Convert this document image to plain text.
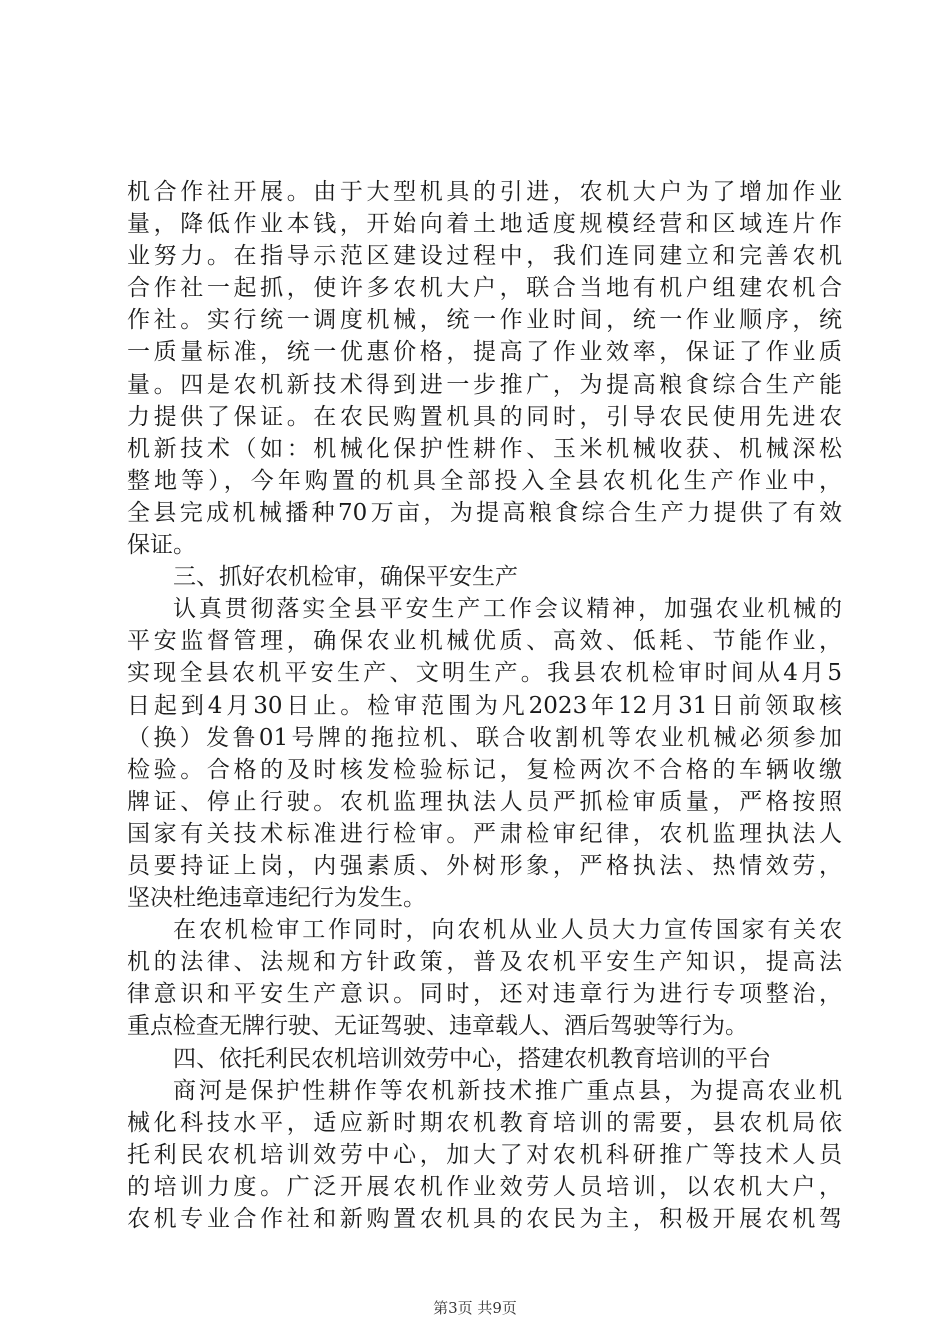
机合作社开展。由于大型机具的引进，农机大户为了增加作业
量，降低作业本钱，开始向着土地适度规模经营和区域连片作
业努力。在指导示范区建设过程中，我们连同建立和完善农机
合作社一起抓，使许多农机大户，联合当地有机户组建农机合
作社。实行统一调度机械，统一作业时间，统一作业顺序，统
一质量标准，统一优惠价格，提高了作业效率，保证了作业质
量。四是农机新技术得到进一步推广，为提高粮食综合生产能
力提供了保证。在农民购置机具的同时，引导农民使用先进农
机新技术（如：机械化保护性耕作、玉米机械收获、机械深松
整地等），今年购置的机具全部投入全县农机化生产作业中，
全县完成机械播种70万亩，为提高粮食综合生产力提供了有效
保证。
三、抓好农机检审，确保平安生产
认真贯彻落实全县平安生产工作会议精神，加强农业机械的
平安监督管理，确保农业机械优质、高效、低耗、节能作业，
实现全县农机平安生产、文明生产。我县农机检审时间从4月5
日起到4月30日止。检审范围为凡2023年12月31日前领取核
（换）发鲁01号牌的拖拉机、联合收割机等农业机械必须参加
检验。合格的及时核发检验标记，复检两次不合格的车辆收缴
牌证、停止行驶。农机监理执法人员严抓检审质量，严格按照
国家有关技术标准进行检审。严肃检审纪律，农机监理执法人
员要持证上岗，内强素质、外树形象，严格执法、热情效劳，
坚决杜绝违章违纪行为发生。
在农机检审工作同时，向农机从业人员大力宣传国家有关农
机的法律、法规和方针政策，普及农机平安生产知识，提高法
律意识和平安生产意识。同时，还对违章行为进行专项整治，
重点检查无牌行驶、无证驾驶、违章载人、酒后驾驶等行为。
四、依托利民农机培训效劳中心，搭建农机教育培训的平台
商河是保护性耕作等农机新技术推广重点县，为提高农业机
械化科技水平，适应新时期农机教育培训的需要，县农机局依
托利民农机培训效劳中心，加大了对农机科研推广等技术人员
的培训力度。广泛开展农机作业效劳人员培训，以农机大户，
农机专业合作社和新购置农机具的农民为主，积极开展农机驾
第3页 共9页
